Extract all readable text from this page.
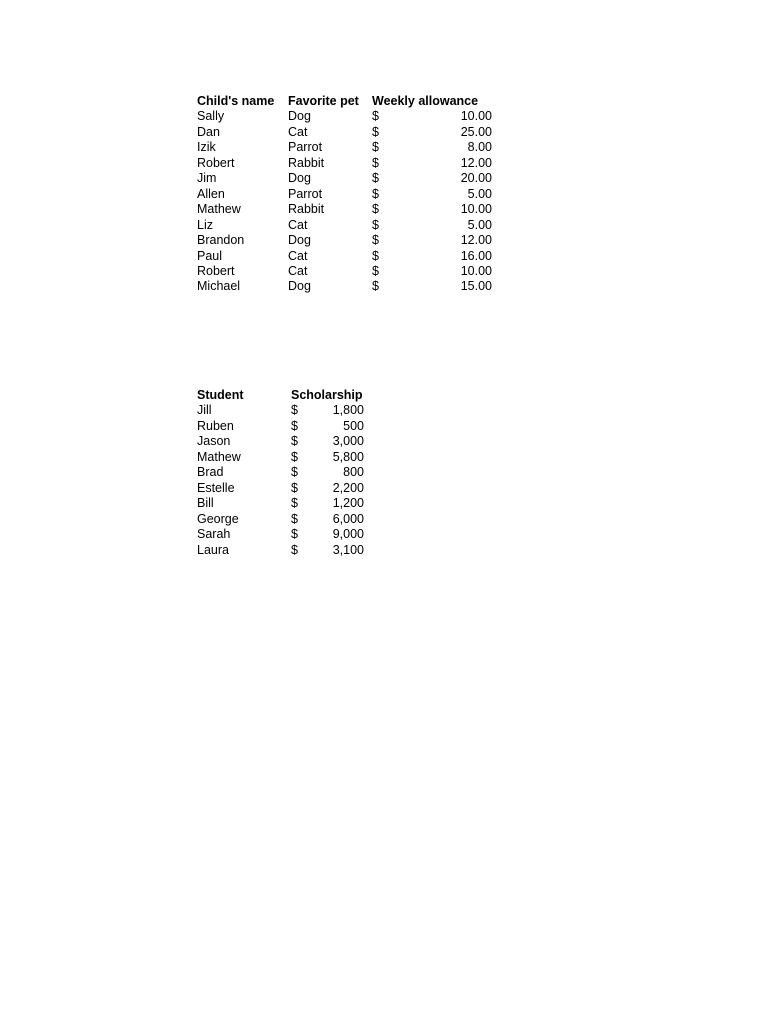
Child's name	Favorite pet	Weekly allowance	
Sally	Dog	$	10.00
Dan	Cat	$	25.00
Izik	Parrot	$	8.00
Robert	Rabbit	$	12.00
Jim	Dog	$	20.00
Allen	Parrot	$	5.00
Mathew	Rabbit	$	10.00
Liz	Cat	$	5.00
Brandon	Dog	$	12.00
Paul	Cat	$	16.00
Robert	Cat	$	10.00
Michael	Dog	$	15.00
Student	Scholarship	
Jill	$	1,800
Ruben	$	500
Jason	$	3,000
Mathew	$	5,800
Brad	$	800
Estelle	$	2,200
Bill	$	1,200
George	$	6,000
Sarah	$	9,000
Laura	$	3,100
